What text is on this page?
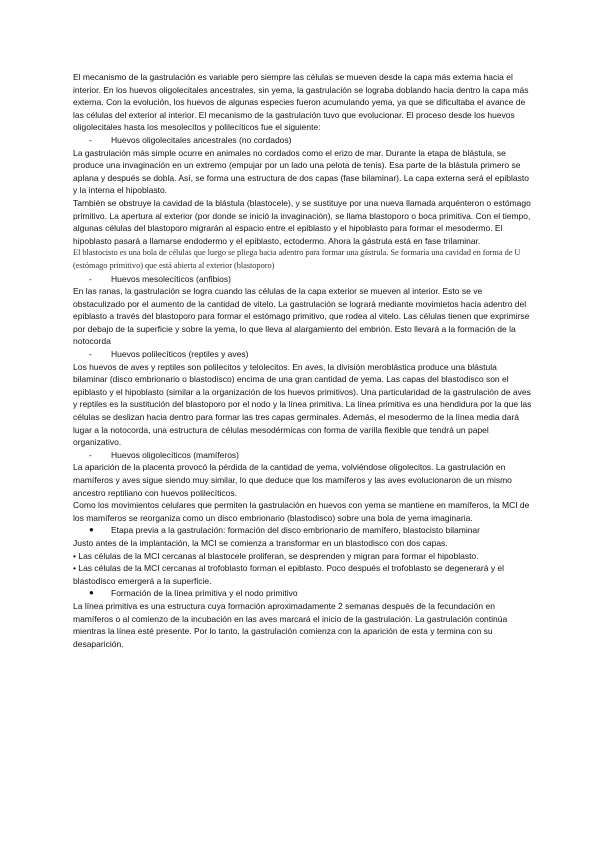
El mecanismo de la gastrulación es variable pero siempre las células se mueven desde la capa más externa hacia el interior. En los huevos oligolecitales ancestrales, sin yema, la gastrulación se lograba doblando hacia dentro la capa más externa. Con la evolución, los huevos de algunas especies fueron acumulando yema, ya que se dificultaba el avance de las células del exterior al interior. El mecanismo de la gastrulación tuvo que evolucionar. El proceso desde los huevos oligolecitales hasta los mesolecítos y polilecíticos fue el siguiente:

-	Huevos oligolecitales ancestrales (no cordados)

La gastrulación más simple ocurre en animales no cordados como el erizo de mar. Durante la etapa de blástula, se produce una invaginación en un extremo (empujar por un lado una pelota de tenis). Esa parte de la blástula primero se aplana y después se dobla. Así, se forma una estructura de dos capas (fase bilaminar). La capa externa será el epiblasto y la interna el hipoblasto.

También se obstruye la cavidad de la blástula (blastocele), y se sustituye por una nueva llamada arquénteron o estómago primitivo. La apertura al exterior (por donde se inició la invaginación), se llama blastoporo o boca primitiva. Con el tiempo, algunas células del blastoporo migrarán al espacio entre el epiblasto y el hipoblasto para formar el mesodermo. El hipoblasto pasará a llamarse endodermo y el epiblasto, ectodermo. Ahora la gástrula está en fase trilaminar.

El blastocisto es una bola de células que luego se pliega hacia adentro para formar una gástrula. Se formaría una cavidad en forma de U (estómago primitivo) que está abierta al exterior (blastoporo)

-	Huevos mesolecíticos (anfibios)

En las ranas, la gastrulación se logra cuando las células de la capa exterior se mueven al interior. Esto se ve obstaculizado por el aumento de la cantidad de vitelo. La gastrulación se logrará mediante movimietos hacia adentro del epiblasto a través del blastoporo para formar el estómago primitivo, que rodea al vitelo. Las células tienen que exprimirse por debajo de la superficie y sobre la yema, lo que lleva al alargamiento del embrión. Esto llevará a la formación de la notocorda

-	Huevos polilecíticos (reptiles y aves)

Los huevos de aves y reptiles son polilecitos y telolecitos. En aves, la división meroblástica produce una blástula bilaminar (disco embrionario o blastodisco) encima de una gran cantidad de yema. Las capas del blastodisco son el epiblasto y el hipoblasto (similar a la organización de los huevos primitivos). Una particularidad de la gastrulación de aves y reptiles es la sustitución del blastoporo por el nodo y la línea primitiva. La línea primitiva es una hendidura por la que las células se deslizan hacia dentro para formar las tres capas germinales. Además, el mesodermo de la línea media dará lugar a la notocorda, una estructura de células mesodérmicas con forma de varilla flexible que tendrá un papel organizativo.

-	Huevos oligolecíticos (mamíferos)

La aparición de la placenta provocó la pérdida de la cantidad de yema, volviéndose oligolecitos. La gastrulación en mamíferos y aves sigue siendo muy similar, lo que deduce que los mamíferos y las aves evolucionaron de un mismo ancestro reptiliano con huevos polilecíticos.

Como los movimientos celulares que permiten la gastrulación en huevos con yema se mantiene en mamíferos, la MCI de los mamíferos se reorganiza como un disco embrionario (blastodisco) sobre una bola de yema imaginaria.

●	Etapa previa a la gastrulación: formación del disco embrionario de mamífero, blastocisto bilaminar

Justo antes de la implantación, la MCI se comienza a transformar en un blastodisco con dos capas.

• Las células de la MCI cercanas al blastocele proliferan, se desprenden y migran para formar el hipoblasto.

• Las células de la MCI cercanas al trofoblasto forman el epiblasto. Poco después el trofoblasto se degenerará y el blastodisco emergerá a la superficie.

●	Formación de la línea primitiva y el nodo primitivo

La línea primitiva es una estructura cuya formación aproximadamente 2 semanas después de la fecundación en mamíferos o al comienzo de la incubación en las aves marcará el inicio de la gastrulación. La gastrulación continúa mientras la línea esté presente. Por lo tanto, la gastrulación comienza con la aparición de esta y termina con su desaparición.
